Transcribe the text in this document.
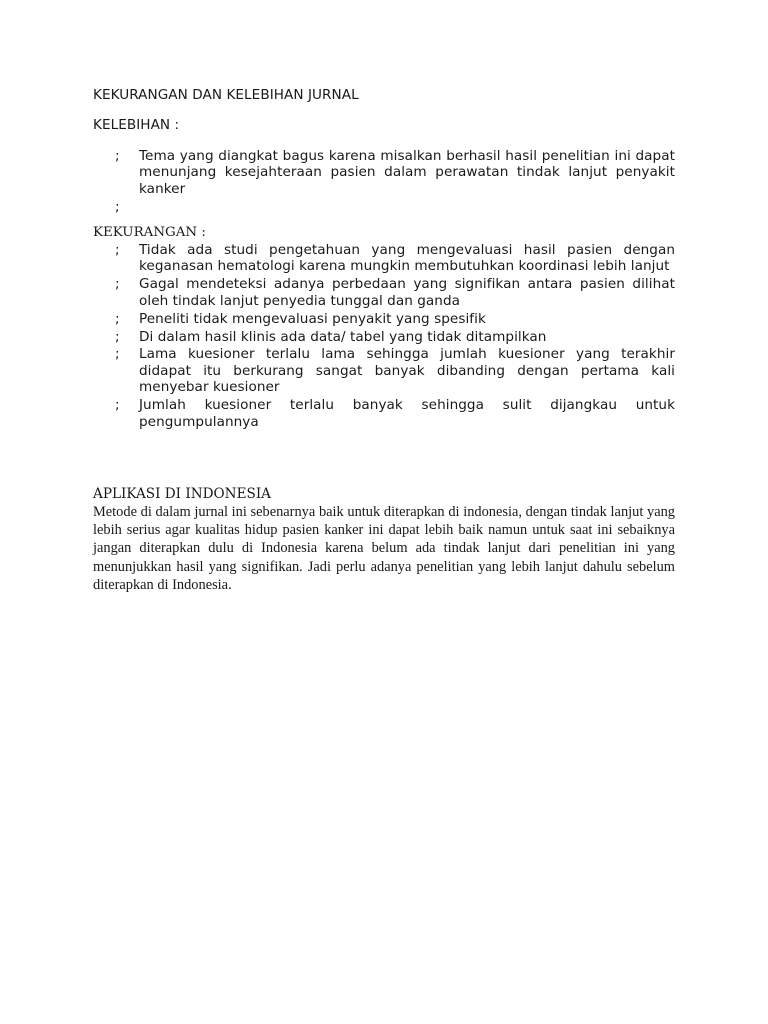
KEKURANGAN DAN KELEBIHAN JURNAL

KELEBIHAN :

; Tema yang diangkat bagus karena misalkan berhasil hasil penelitian ini dapat menunjang kesejahteraan pasien dalam perawatan tindak lanjut penyakit kanker
;

KEKURANGAN :

; Tidak ada studi pengetahuan yang mengevaluasi hasil pasien dengan keganasan hematologi karena mungkin membutuhkan koordinasi lebih lanjut
; Gagal mendeteksi adanya perbedaan yang signifikan antara pasien dilihat oleh tindak lanjut penyedia tunggal dan ganda
; Peneliti tidak mengevaluasi penyakit yang spesifik
; Di dalam hasil klinis ada data/ tabel yang tidak ditampilkan
; Lama kuesioner terlalu lama sehingga jumlah kuesioner yang terakhir didapat itu berkurang sangat banyak dibanding dengan pertama kali menyebar kuesioner
; Jumlah kuesioner terlalu banyak sehingga sulit dijangkau untuk pengumpulannya
APLIKASI DI INDONESIA

Metode di dalam jurnal ini sebenarnya baik untuk diterapkan di indonesia, dengan tindak lanjut yang lebih serius agar kualitas hidup pasien kanker ini dapat lebih baik namun untuk saat ini sebaiknya jangan diterapkan dulu di Indonesia karena belum ada tindak lanjut dari penelitian ini yang menunjukkan hasil yang signifikan. Jadi perlu adanya penelitian yang lebih lanjut dahulu sebelum diterapkan di Indonesia.
